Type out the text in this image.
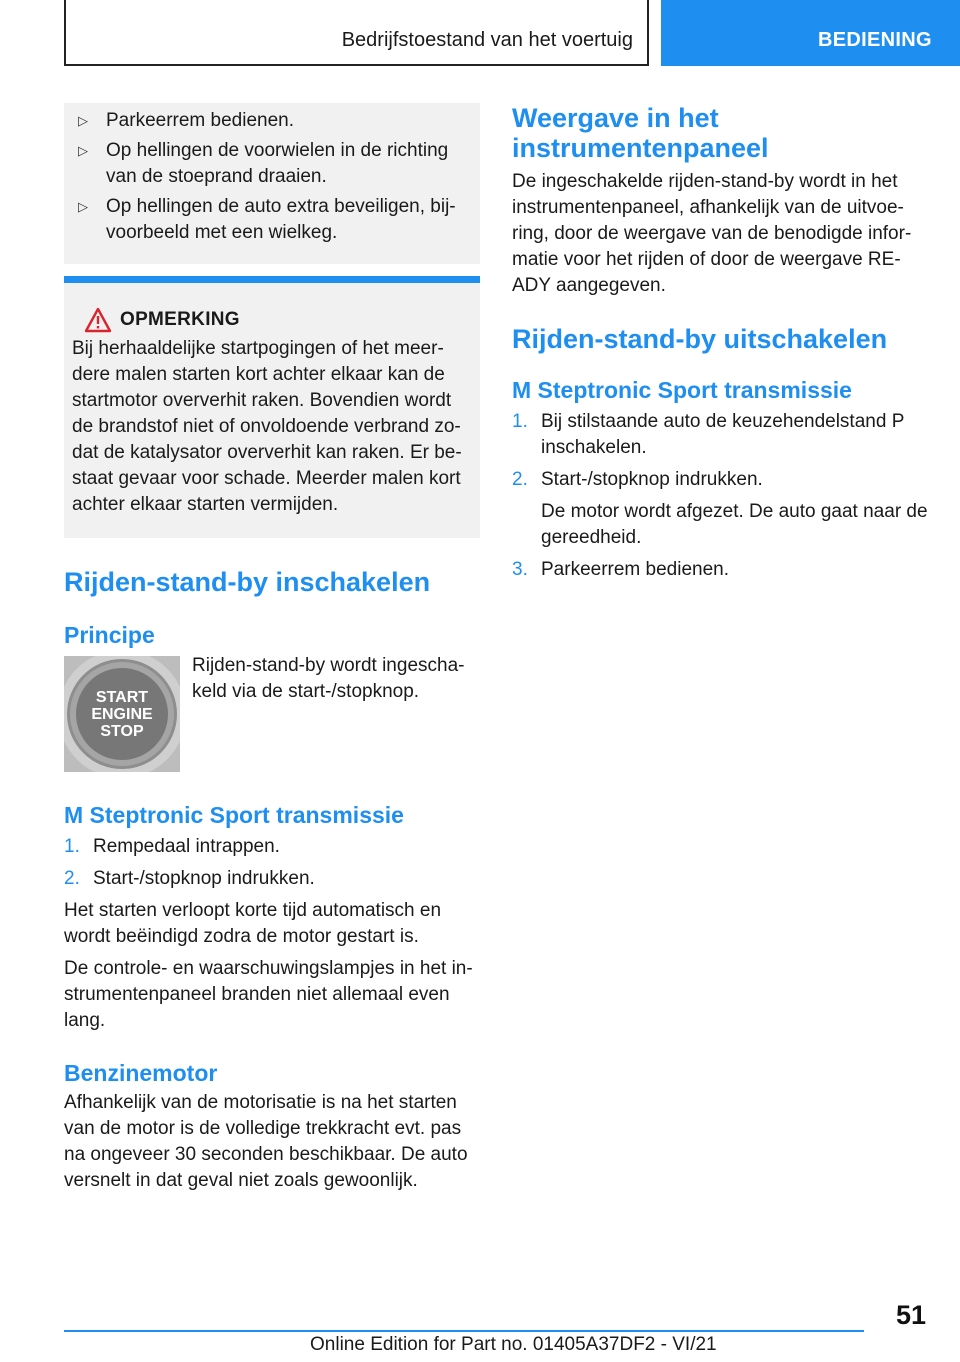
Bedrijfstoestand van het voertuig	BEDIENING
▷ Parkeerrem bedienen.
▷ Op hellingen de voorwielen in de richting van de stoeprand draaien.
▷ Op hellingen de auto extra beveiligen, bijvoorbeeld met een wielkeg.
OPMERKING
Bij herhaaldelijke startpogingen of het meerdere malen starten kort achter elkaar kan de startmotor oververhit raken. Bovendien wordt de brandstof niet of onvoldoende verbrand zodat de katalysator oververhit kan raken. Er bestaat gevaar voor schade. Meerder malen kort achter elkaar starten vermijden.
Rijden-stand-by inschakelen
Principe
START
ENGINE
STOP
Rijden-stand-by wordt ingeschakeld via de start-/stopknop.
M Steptronic Sport transmissie
1. Rempedaal intrappen.
2. Start-/stopknop indrukken.
Het starten verloopt korte tijd automatisch en wordt beëindigd zodra de motor gestart is.
De controle- en waarschuwingslampjes in het instrumentenpaneel branden niet allemaal even lang.
Benzinemotor
Afhankelijk van de motorisatie is na het starten van de motor is de volledige trekkracht evt. pas na ongeveer 30 seconden beschikbaar. De auto versnelt in dat geval niet zoals gewoonlijk.
Weergave in het instrumentenpaneel
De ingeschakelde rijden-stand-by wordt in het instrumentenpaneel, afhankelijk van de uitvoering, door de weergave van de benodigde informatie voor het rijden of door de weergave READY aangegeven.
Rijden-stand-by uitschakelen
M Steptronic Sport transmissie
1. Bij stilstaande auto de keuzehendelstand P inschakelen.
2. Start-/stopknop indrukken.
De motor wordt afgezet. De auto gaat naar de gereedheid.
3. Parkeerrem bedienen.
51
Online Edition for Part no. 01405A37DF2 - VI/21
